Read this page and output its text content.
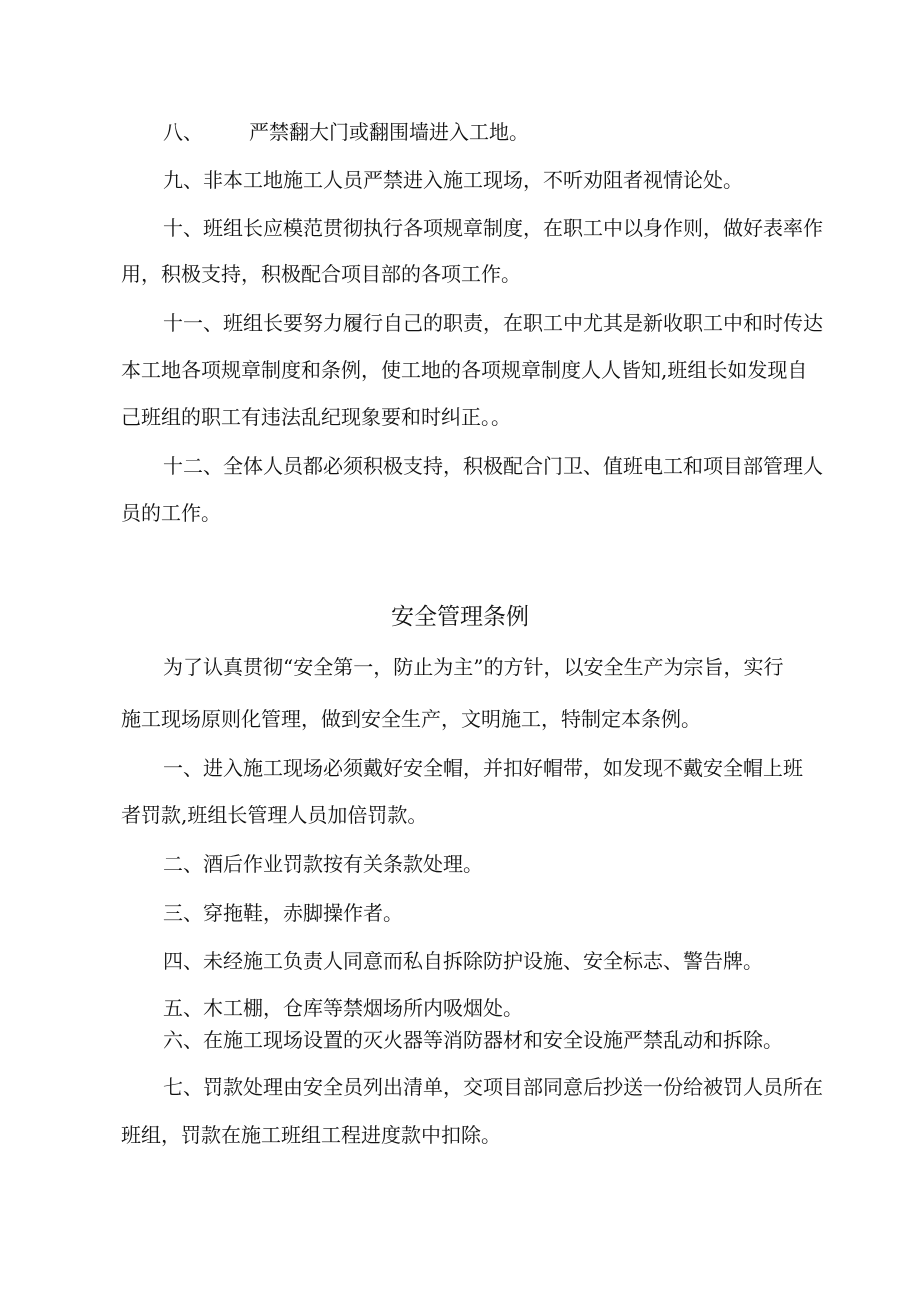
八、 严禁翻大门或翻围墙进入工地。
九、非本工地施工人员严禁进入施工现场，不听劝阻者视情论处。
十、班组长应模范贯彻执行各项规章制度，在职工中以身作则，做好表率作
用，积极支持，积极配合项目部的各项工作。
十一、班组长要努力履行自己的职责，在职工中尤其是新收职工中和时传达
本工地各项规章制度和条例，使工地的各项规章制度人人皆知,班组长如发现自
己班组的职工有违法乱纪现象要和时纠正。。
十二、全体人员都必须积极支持，积极配合门卫、值班电工和项目部管理人
员的工作。
安全管理条例
为了认真贯彻“安全第一，防止为主”的方针，以安全生产为宗旨，实行
施工现场原则化管理，做到安全生产，文明施工，特制定本条例。
一、进入施工现场必须戴好安全帽，并扣好帽带，如发现不戴安全帽上班
者罚款,班组长管理人员加倍罚款。
二、酒后作业罚款按有关条款处理。
三、穿拖鞋，赤脚操作者。
四、未经施工负责人同意而私自拆除防护设施、安全标志、警告牌。
五、木工棚，仓库等禁烟场所内吸烟处。
六、在施工现场设置的灭火器等消防器材和安全设施严禁乱动和拆除。
七、罚款处理由安全员列出清单，交项目部同意后抄送一份给被罚人员所在
班组，罚款在施工班组工程进度款中扣除。
